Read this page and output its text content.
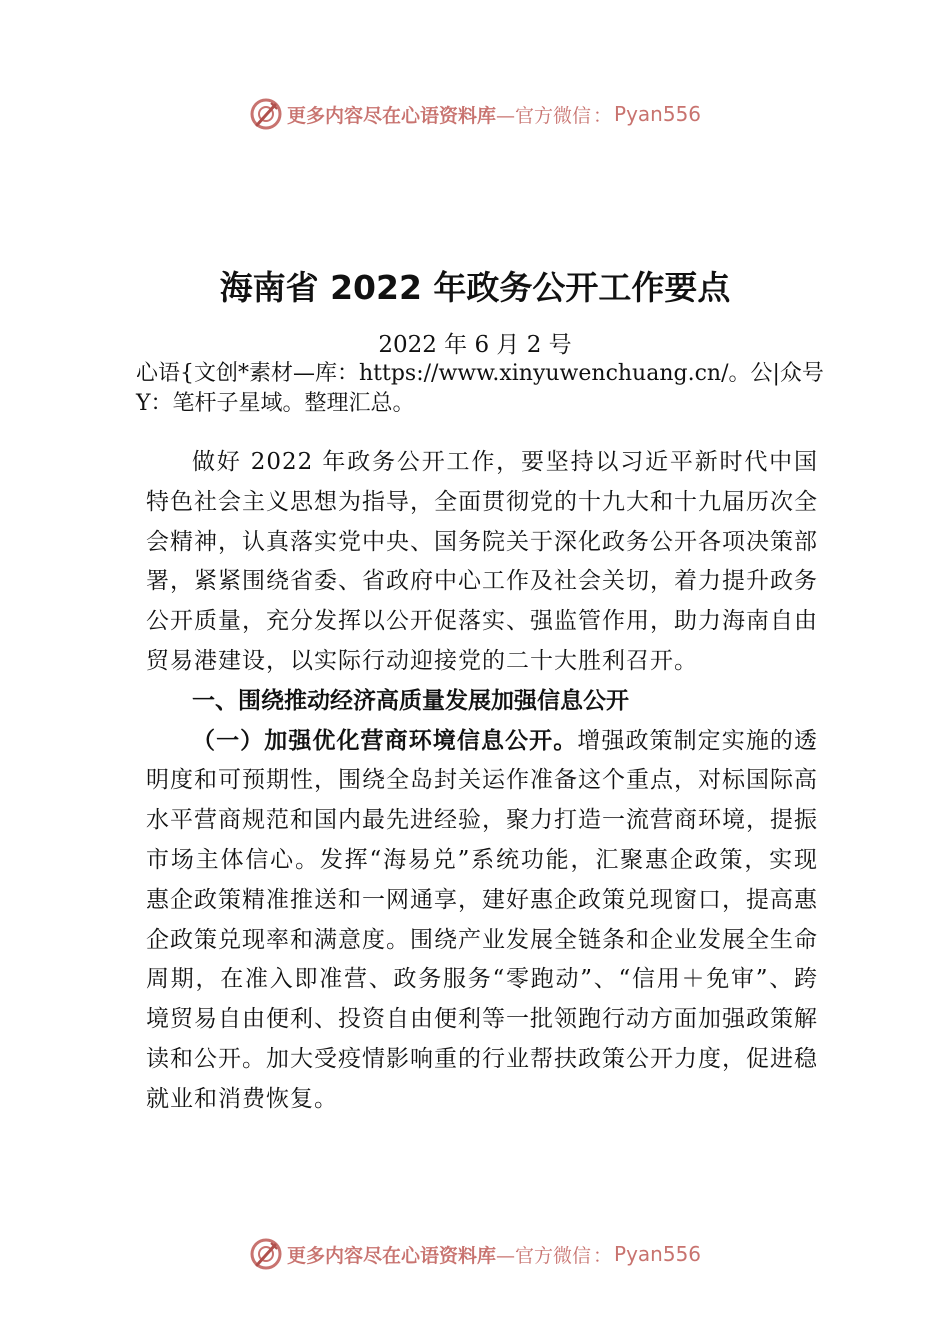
更多内容尽在心语资料库 —官方微信 ： Pyan556
海南省 2022 年政务公开工作要点
2022 年 6 月 2 号
心语{文创*素材—库：https://www.xinyuwenchuang.cn/。公|众号Y：笔杆子星域。整理汇总。

做好 2022 年政务公开工作，要坚持以习近平新时代中国特色社会主义思想为指导，全面贯彻党的十九大和十九届历次全会精神，认真落实党中央、国务院关于深化政务公开各项决策部署，紧紧围绕省委、省政府中心工作及社会关切，着力提升政务公开质量，充分发挥以公开促落实、强监管作用，助力海南自由贸易港建设，以实际行动迎接党的二十大胜利召开。

一、围绕推动经济高质量发展加强信息公开

（一）加强优化营商环境信息公开。增强政策制定实施的透明度和可预期性，围绕全岛封关运作准备这个重点，对标国际高水平营商规范和国内最先进经验，聚力打造一流营商环境，提振市场主体信心。发挥“海易兑”系统功能，汇聚惠企政策，实现惠企政策精准推送和一网通享，建好惠企政策兑现窗口，提高惠企政策兑现率和满意度。围绕产业发展全链条和企业发展全生命周期，在准入即准营、政务服务“零跑动”、“信用＋免审”、跨境贸易自由便利、投资自由便利等一批领跑行动方面加强政策解读和公开。加大受疫情影响重的行业帮扶政策公开力度，促进稳就业和消费恢复。

更多内容尽在心语资料库 —官方微信 ： Pyan556
